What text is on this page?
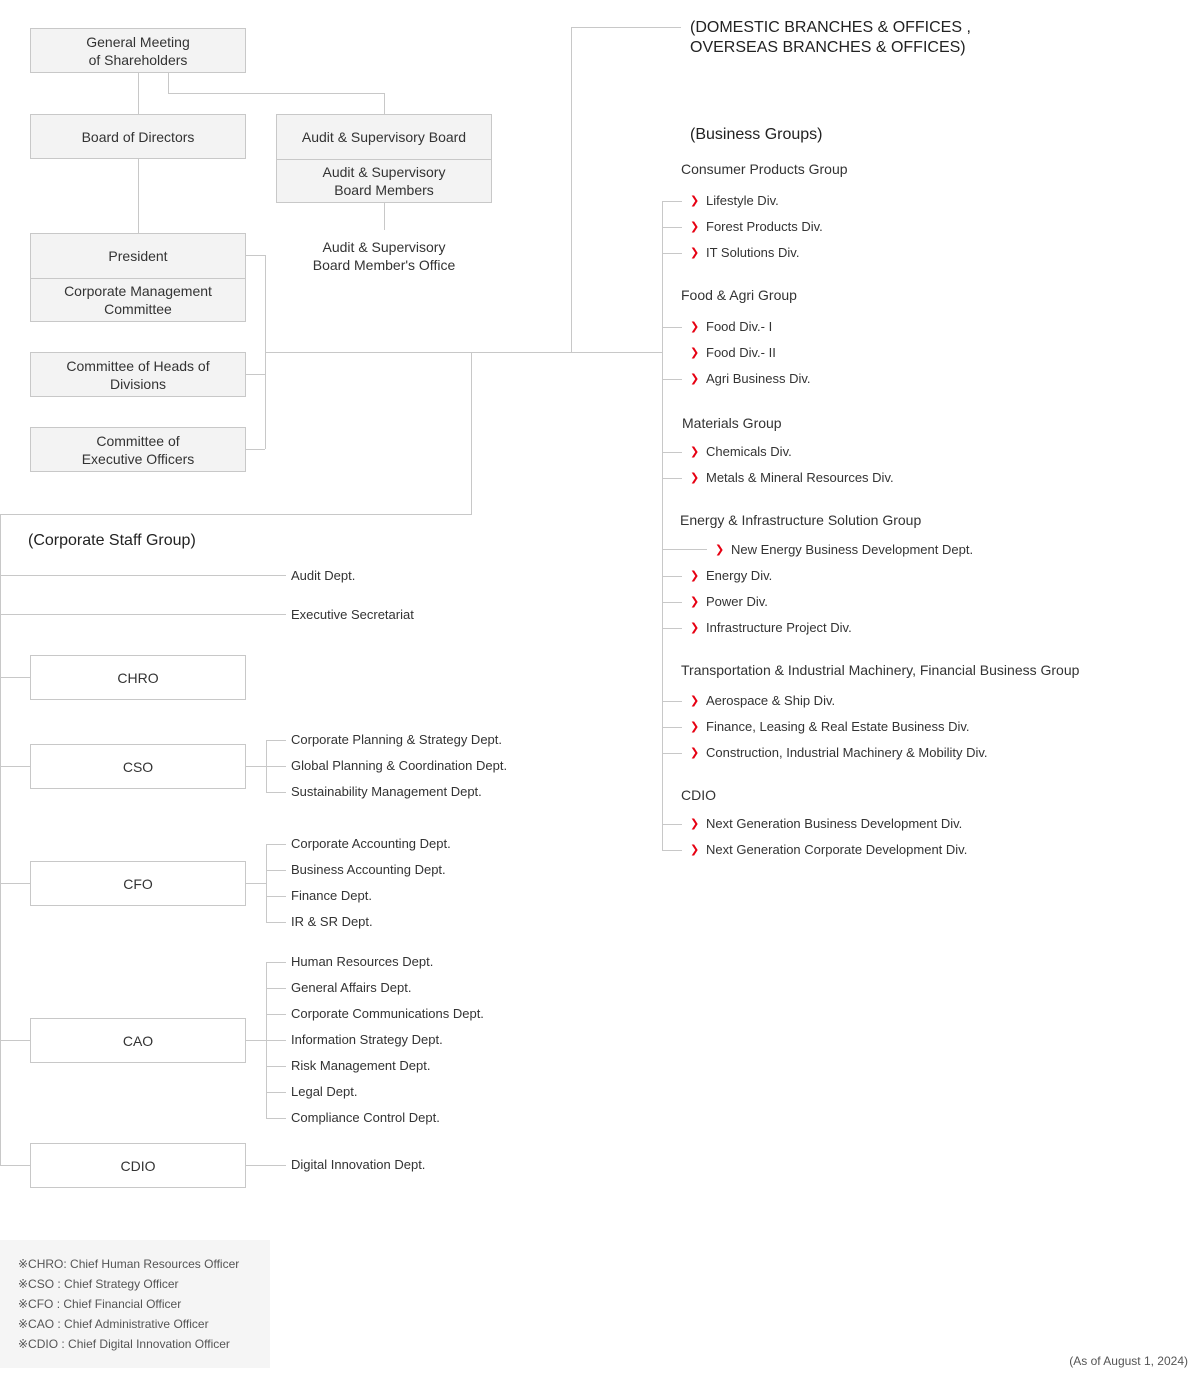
General Meeting
of Shareholders
Board of Directors	Audit & Supervisory Board
Audit & Supervisory
Board Members
Audit & Supervisory
Board Member's Office
President
Corporate Management
Committee
Committee of Heads of
Divisions
Committee of
Executive Officers
(DOMESTIC BRANCHES & OFFICES ,
OVERSEAS BRANCHES & OFFICES)
(Business Groups)
Consumer Products Group
❯ Lifestyle Div.
❯ Forest Products Div.
❯ IT Solutions Div.
Food & Agri Group
❯ Food Div.- I
❯ Food Div.- II
❯ Agri Business Div.
Materials Group
❯ Chemicals Div.
❯ Metals & Mineral Resources Div.
Energy & Infrastructure Solution Group
❯ New Energy Business Development Dept.
❯ Energy Div.
❯ Power Div.
❯ Infrastructure Project Div.
Transportation & Industrial Machinery, Financial Business Group
❯ Aerospace & Ship Div.
❯ Finance, Leasing & Real Estate Business Div.
❯ Construction, Industrial Machinery & Mobility Div.
CDIO
❯ Next Generation Business Development Div.
❯ Next Generation Corporate Development Div.
(Corporate Staff Group)
Audit Dept.
Executive Secretariat
CHRO
CSO
CFO
CAO
CDIO
Corporate Planning & Strategy Dept.
Global Planning & Coordination Dept.
Sustainability Management Dept.
Corporate Accounting Dept.
Business Accounting Dept.
Finance Dept.
IR & SR Dept.
Human Resources Dept.
General Affairs Dept.
Corporate Communications Dept.
Information Strategy Dept.
Risk Management Dept.
Legal Dept.
Compliance Control Dept.
Digital Innovation Dept.
※CHRO: Chief Human Resources Officer
※CSO : Chief Strategy Officer
※CFO : Chief Financial Officer
※CAO : Chief Administrative Officer
※CDIO : Chief Digital Innovation Officer
(As of August 1, 2024)
